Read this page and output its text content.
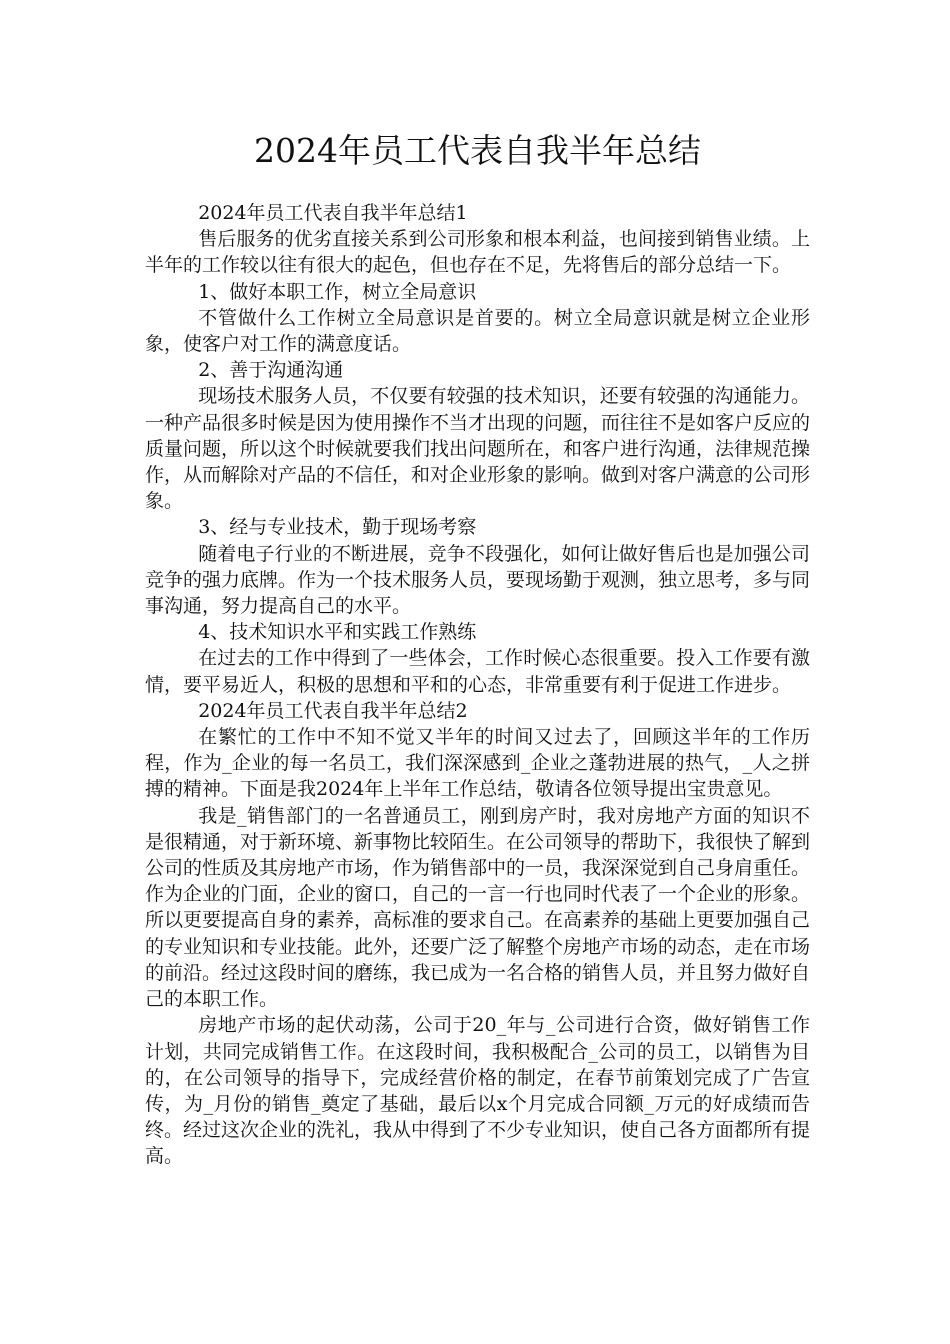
2024年员工代表自我半年总结

2024年员工代表自我半年总结1

售后服务的优劣直接关系到公司形象和根本利益，也间接到销售业绩。上半年的工作较以往有很大的起色，但也存在不足，先将售后的部分总结一下。

1、做好本职工作，树立全局意识

不管做什么工作树立全局意识是首要的。树立全局意识就是树立企业形象，使客户对工作的满意度话。

2、善于沟通沟通

现场技术服务人员，不仅要有较强的技术知识，还要有较强的沟通能力。一种产品很多时候是因为使用操作不当才出现的问题，而往往不是如客户反应的质量问题，所以这个时候就要我们找出问题所在，和客户进行沟通，法律规范操作，从而解除对产品的不信任，和对企业形象的影响。做到对客户满意的公司形象。

3、经与专业技术，勤于现场考察

随着电子行业的不断进展，竞争不段强化，如何让做好售后也是加强公司竞争的强力底牌。作为一个技术服务人员，要现场勤于观测，独立思考，多与同事沟通，努力提高自己的水平。

4、技术知识水平和实践工作熟练

在过去的工作中得到了一些体会，工作时候心态很重要。投入工作要有激情，要平易近人，积极的思想和平和的心态，非常重要有利于促进工作进步。

2024年员工代表自我半年总结2

在繁忙的工作中不知不觉又半年的时间又过去了，回顾这半年的工作历程，作为_企业的每一名员工，我们深深感到_企业之蓬勃进展的热气，_人之拼搏的精神。下面是我2024年上半年工作总结，敬请各位领导提出宝贵意见。

我是_销售部门的一名普通员工，刚到房产时，我对房地产方面的知识不是很精通，对于新环境、新事物比较陌生。在公司领导的帮助下，我很快了解到公司的性质及其房地产市场，作为销售部中的一员，我深深觉到自己身肩重任。作为企业的门面，企业的窗口，自己的一言一行也同时代表了一个企业的形象。所以更要提高自身的素养，高标准的要求自己。在高素养的基础上更要加强自己的专业知识和专业技能。此外，还要广泛了解整个房地产市场的动态，走在市场的前沿。经过这段时间的磨练，我已成为一名合格的销售人员，并且努力做好自己的本职工作。

房地产市场的起伏动荡，公司于20_年与_公司进行合资，做好销售工作计划，共同完成销售工作。在这段时间，我积极配合_公司的员工，以销售为目的，在公司领导的指导下，完成经营价格的制定，在春节前策划完成了广告宣传，为_月份的销售_奠定了基础，最后以x个月完成合同额_万元的好成绩而告终。经过这次企业的洗礼，我从中得到了不少专业知识，使自己各方面都所有提高。
